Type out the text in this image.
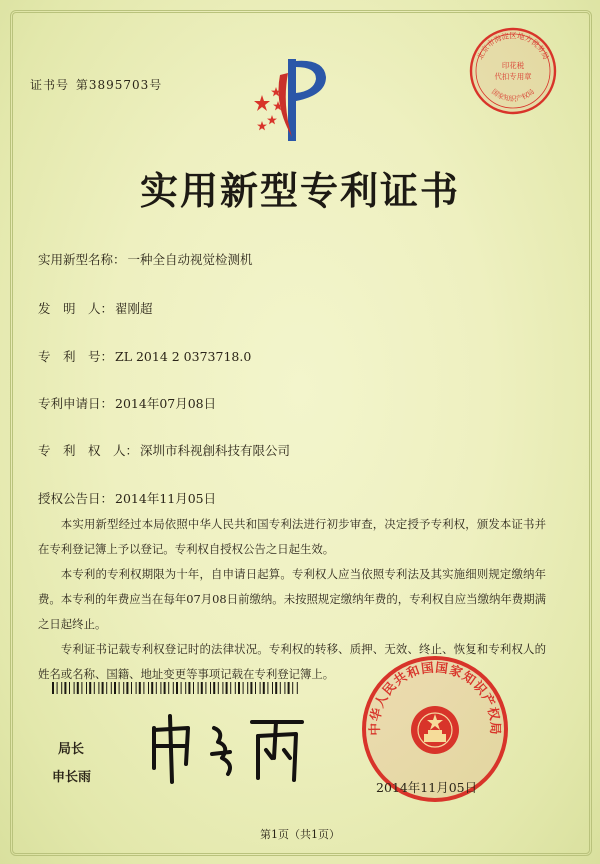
证书号 第3895703号
北京市海淀区地方税务局
国家知识产权局
印花税
代扣专用章
实用新型专利证书
实用新型名称： 一种全自动视觉检测机
发　明　人： 翟刚超
专　利　号： ZL 2014 2 0373718.0
专利申请日： 2014年07月08日
专　利　权　人： 深圳市科视創科技有限公司
授权公告日： 2014年11月05日

本实用新型经过本局依照中华人民共和国专利法进行初步审查，决定授予专利权，颁发本证书并在专利登记簿上予以登记。专利权自授权公告之日起生效。

本专利的专利权期限为十年，自申请日起算。专利权人应当依照专利法及其实施细则规定缴纳年费。本专利的年费应当在每年07月08日前缴纳。未按照规定缴纳年费的，专利权自应当缴纳年费期满之日起终止。

专利证书记载专利权登记时的法律状况。专利权的转移、质押、无效、终止、恢复和专利权人的姓名或名称、国籍、地址变更等事项记载在专利登记簿上。

局长
申长雨
中华人民共和国国家知识产权局
2014年11月05日
第1页（共1页）
